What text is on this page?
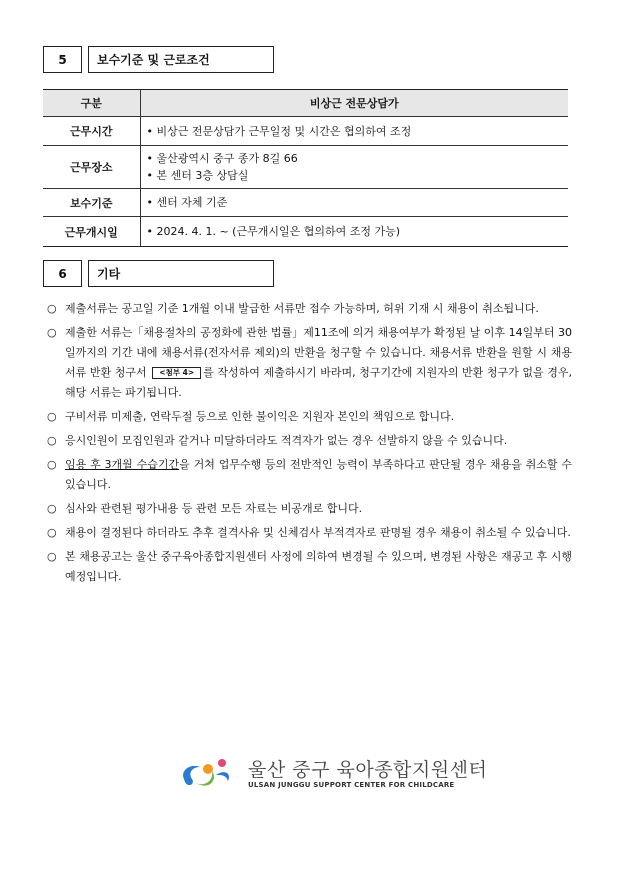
5	보수기준 및 근로조건
구분	비상근 전문상담가
근무시간	• 비상근 전문상담가 근무일정 및 시간은 협의하여 조정

근무장소	• 울산광역시 중구 종가 8길 66
• 본 센터 3층 상담실

보수기준	• 센터 자체 기준

근무개시일	• 2024. 4. 1. ~ (근무개시일은 협의하여 조정 가능)
6	기타
○ 제출서류는 공고일 기준 1개월 이내 발급한 서류만 접수 가능하며, 허위 기재 시 채용이 취소됩니다.
○ 제출한 서류는「채용절차의 공정화에 관한 법률」제11조에 의거 채용여부가 확정된 날 이후 14일부터 30일까지의 기간 내에 채용서류(전자서류 제외)의 반환을 청구할 수 있습니다. 채용서류 반환을 원할 시 채용서류 반환 청구서 <첨부 4> 를 작성하여 제출하시기 바라며, 청구기간에 지원자의 반환 청구가 없을 경우, 해당 서류는 파기됩니다.
○ 구비서류 미제출, 연락두절 등으로 인한 불이익은 지원자 본인의 책임으로 합니다.
○ 응시인원이 모집인원과 같거나 미달하더라도 적격자가 없는 경우 선발하지 않을 수 있습니다.
○ 임용 후 3개월 수습기간을 거쳐 업무수행 등의 전반적인 능력이 부족하다고 판단될 경우 채용을 취소할 수 있습니다.
○ 심사와 관련된 평가내용 등 관련 모든 자료는 비공개로 합니다.
○ 채용이 결정된다 하더라도 추후 결격사유 및 신체검사 부적격자로 판명될 경우 채용이 취소될 수 있습니다.
○ 본 채용공고는 울산 중구육아종합지원센터 사정에 의하여 변경될 수 있으며, 변경된 사항은 재공고 후 시행 예정입니다.
울산 중구 육아종합지원센터
ULSAN JUNGGU SUPPORT CENTER FOR CHILDCARE
